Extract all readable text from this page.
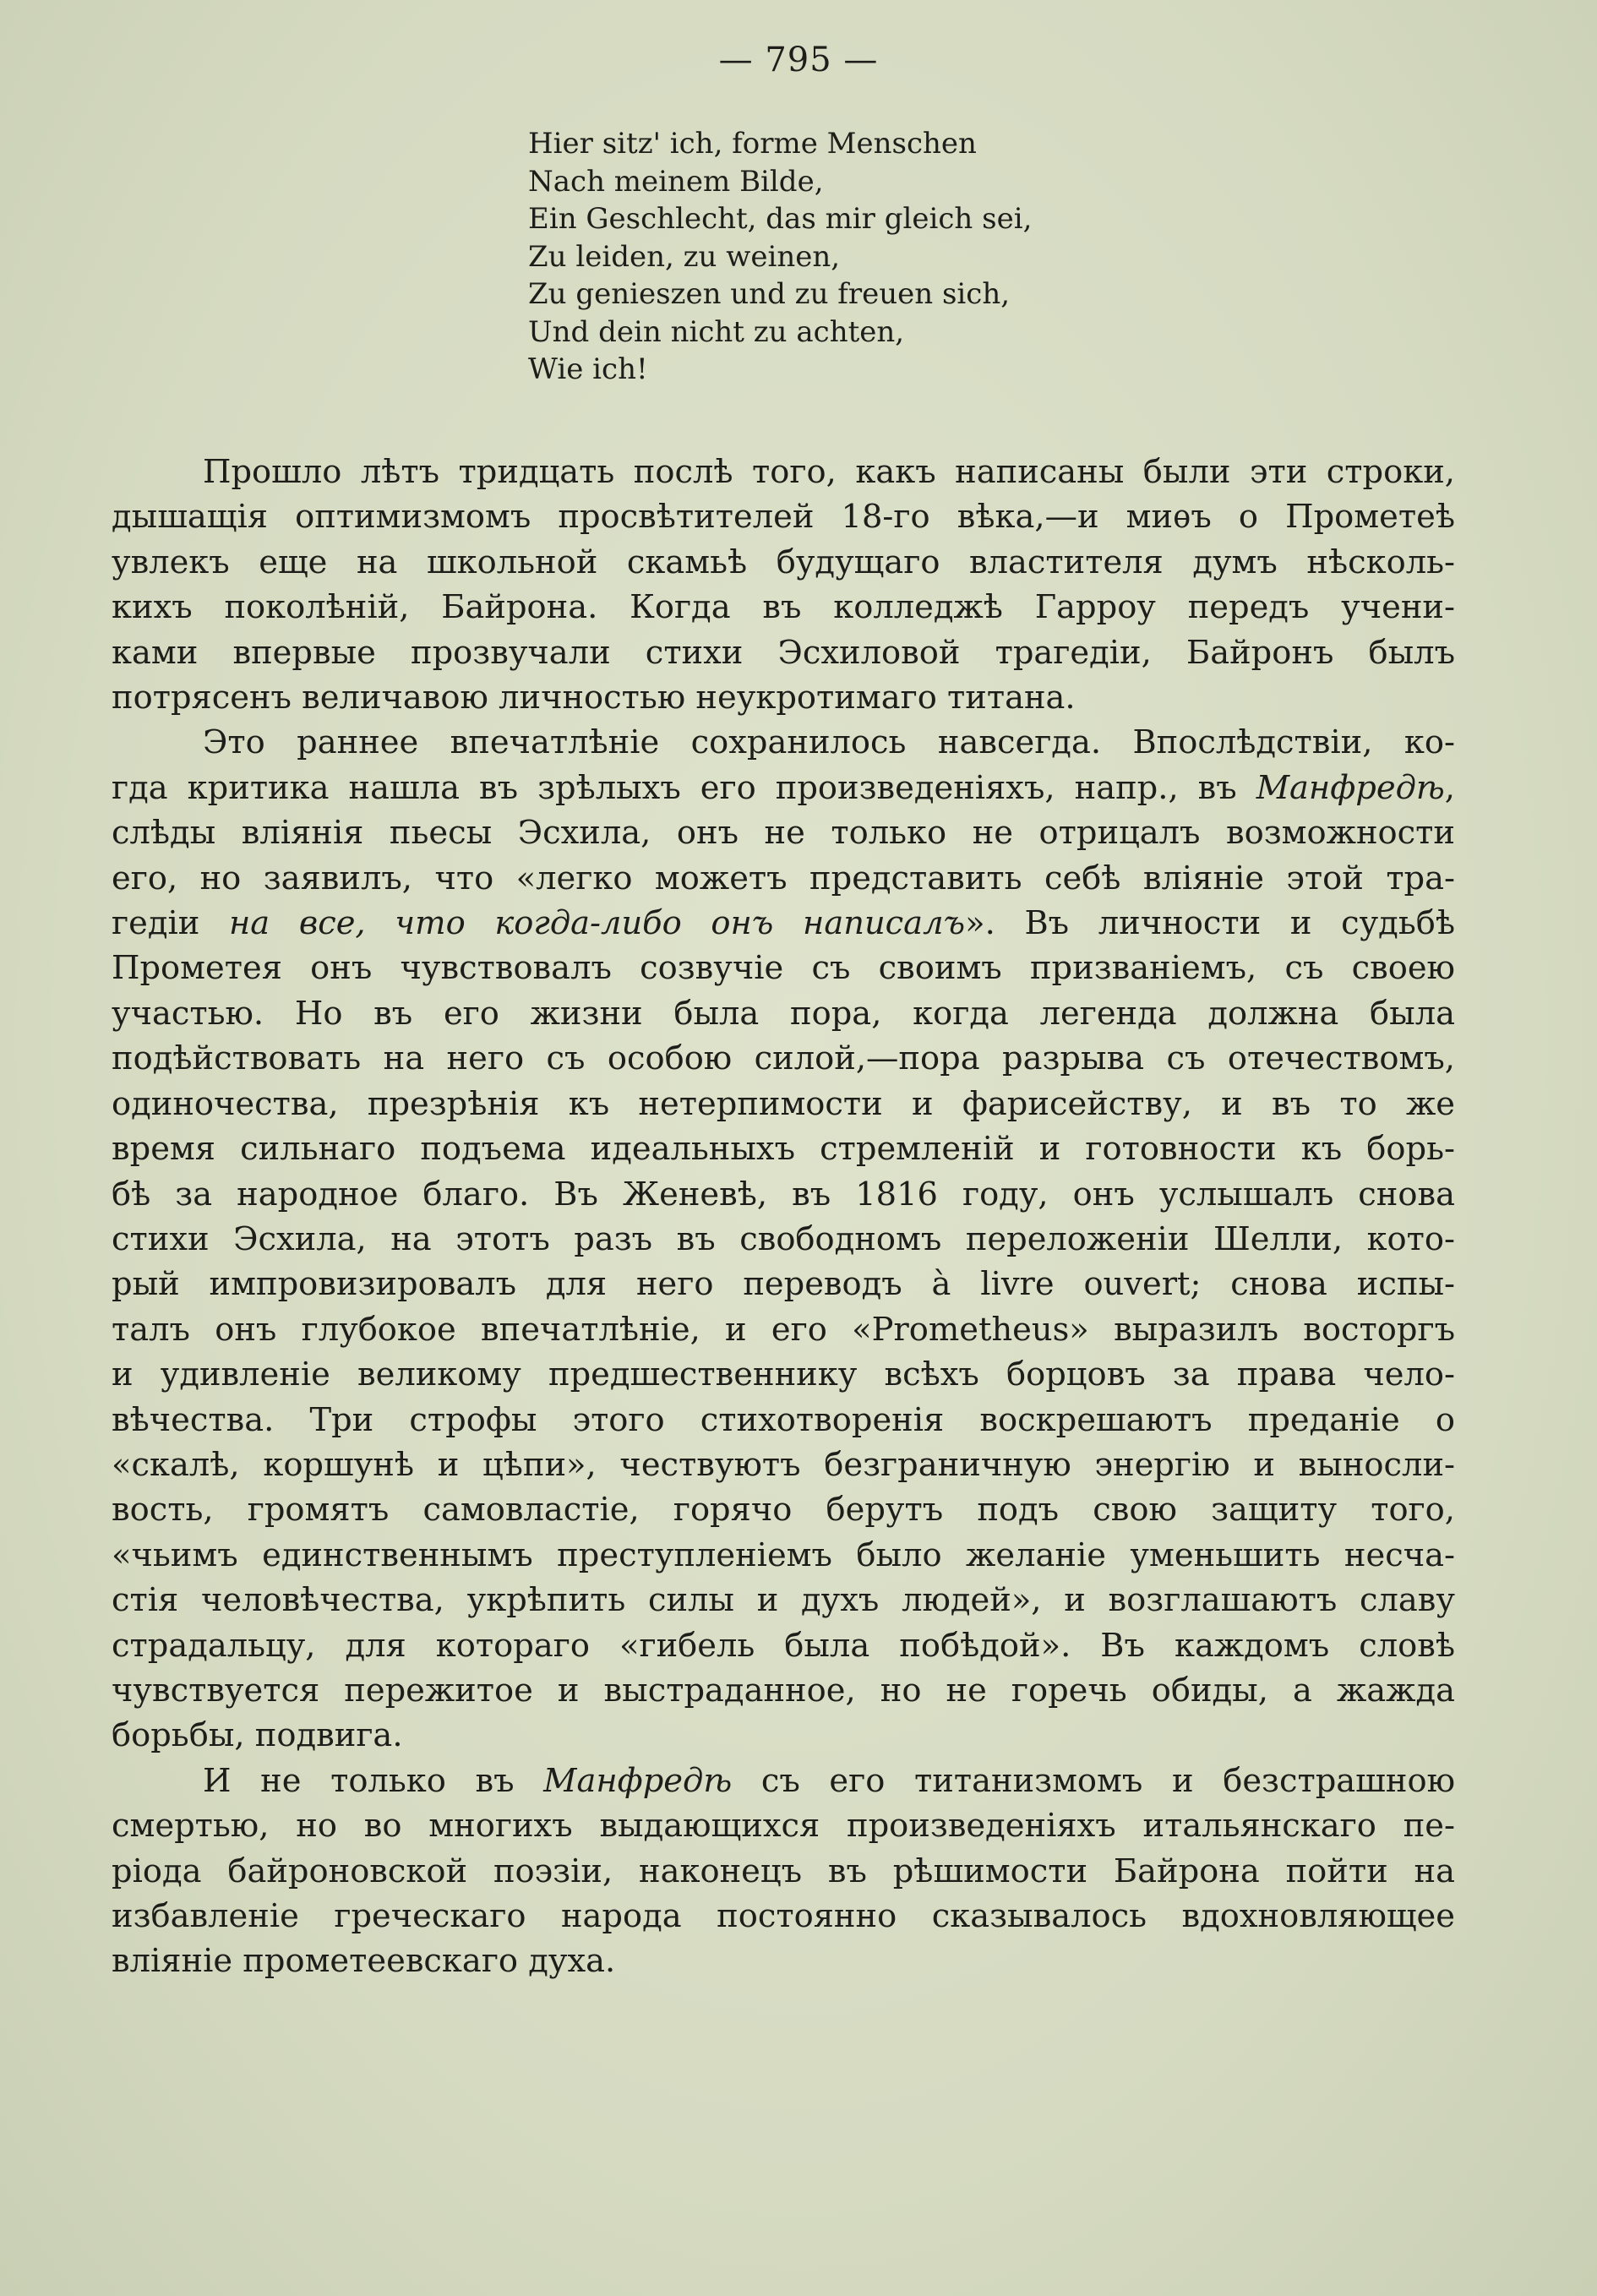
— 795 —
Hier sitz' ich, forme Menschen
Nach meinem Bilde,
Ein Geschlecht, das mir gleich sei,
Zu leiden, zu weinen,
Zu genieszen und zu freuen sich,
Und dein nicht zu achten,
Wie ich!

Прошло лѣтъ тридцать послѣ того, какъ написаны были эти строки,
дышащія оптимизмомъ просвѣтителей 18-го вѣка,—и миѳъ о Прометеѣ
увлекъ еще на школьной скамьѣ будущаго властителя думъ нѣсколь-
кихъ поколѣній, Байрона. Когда въ колледжѣ Гарроу передъ учени-
ками впервые прозвучали стихи Эсхиловой трагедіи, Байронъ былъ
потрясенъ величавою личностью неукротимаго титана.

Это раннее впечатлѣніе сохранилось навсегда. Впослѣдствіи, ко-
гда критика нашла въ зрѣлыхъ его произведеніяхъ, напр., въ Манфредѣ,
слѣды вліянія пьесы Эсхила, онъ не только не отрицалъ возможности
его, но заявилъ, что «легко можетъ представить себѣ вліяніе этой тра-
гедіи на все, что когда-либо онъ написалъ». Въ личности и судьбѣ
Прометея онъ чувствовалъ созвучіе съ своимъ призваніемъ, съ своею
участью. Но въ его жизни была пора, когда легенда должна была
подѣйствовать на него съ особою силой,—пора разрыва съ отечествомъ,
одиночества, презрѣнія къ нетерпимости и фарисейству, и въ то же
время сильнаго подъема идеальныхъ стремленій и готовности къ борь-
бѣ за народное благо. Въ Женевѣ, въ 1816 году, онъ услышалъ снова
стихи Эсхила, на этотъ разъ въ свободномъ переложеніи Шелли, кото-
рый импровизировалъ для него переводъ à livre ouvert; снова испы-
талъ онъ глубокое впечатлѣніе, и его «Prometheus» выразилъ восторгъ
и удивленіе великому предшественнику всѣхъ борцовъ за права чело-
вѣчества. Три строфы этого стихотворенія воскрешаютъ преданіе о
«скалѣ, коршунѣ и цѣпи», чествуютъ безграничную энергію и выносли-
вость, громятъ самовластіе, горячо берутъ подъ свою защиту того,
«чьимъ единственнымъ преступленіемъ было желаніе уменьшить несча-
стія человѣчества, укрѣпить силы и духъ людей», и возглашаютъ славу
страдальцу, для котораго «гибель была побѣдой». Въ каждомъ словѣ
чувствуется пережитое и выстраданное, но не горечь обиды, а жажда
борьбы, подвига.

И не только въ Манфредѣ съ его титанизмомъ и безстрашною
смертью, но во многихъ выдающихся произведеніяхъ итальянскаго пе-
ріода байроновской поэзіи, наконецъ въ рѣшимости Байрона пойти на
избавленіе греческаго народа постоянно сказывалось вдохновляющее
вліяніе прометеевскаго духа.
